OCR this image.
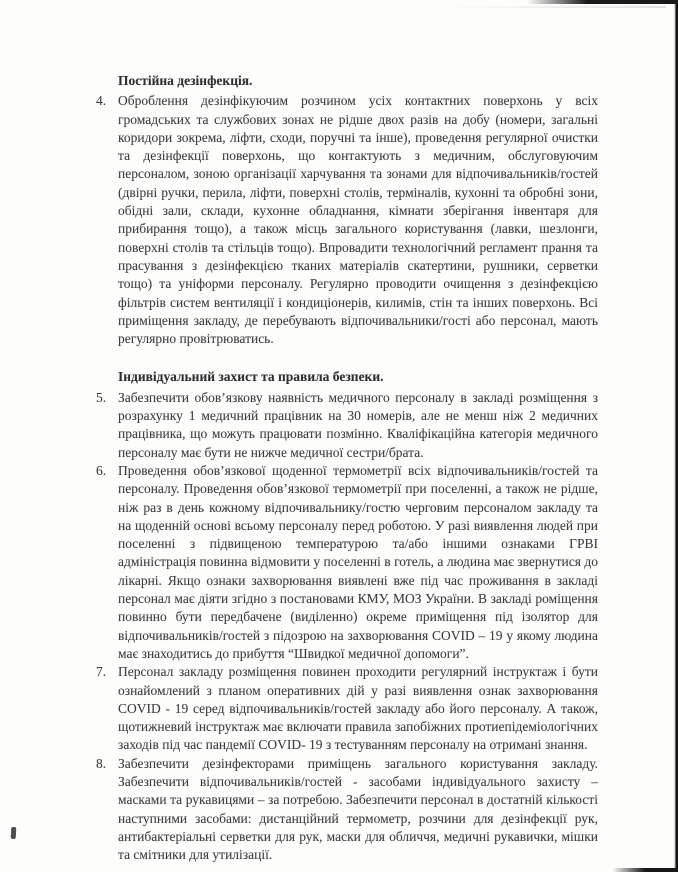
Постійна дезінфекція.
4. Оброблення дезінфікуючим розчином усіх контактних поверхонь у всіх громадських та службових зонах не рідше двох разів на добу (номери, загальні коридори зокрема, ліфти, сходи, поручні та інше), проведення регулярної очистки та дезінфекції поверхонь, що контактують з медичним, обслуговуючим персоналом, зоною організації харчування та зонами для відпочивальників/гостей (двірні ручки, перила, ліфти, поверхні столів, терміналів, кухонні та обробні зони, обідні зали, склади, кухонне обладнання, кімнати зберігання інвентаря для прибирання тощо), а також місць загального користування (лавки, шезлонги, поверхні столів та стільців тощо). Впровадити технологічний регламент прання та прасування з дезінфекцією тканих матеріалів скатертини, рушники, серветки тощо) та уніформи персоналу. Регулярно проводити очищення з дезінфекцією фільтрів систем вентиляції і кондиціонерів, килимів, стін та інших поверхонь. Всі приміщення закладу, де перебувають відпочивальники/гості або персонал, мають регулярно провітрюватись.
Індивідуальний захист та правила безпеки.
5. Забезпечити обов’язкову наявність медичного персоналу в закладі розміщення з розрахунку 1 медичний працівник на 30 номерів, але не менш ніж 2 медичних працівника, що можуть працювати позмінно. Кваліфікаційна категорія медичного персоналу має бути не нижче медичної сестри/брата.
6. Проведення обов’язкової щоденної термометрії всіх відпочивальників/гостей та персоналу. Проведення обов’язкової термометрії при поселенні, а також не рідше, ніж раз в день кожному відпочивальнику/гостю черговим персоналом закладу та на щоденній основі всьому персоналу перед роботою. У разі виявлення людей при поселенні з підвищеною температурою та/або іншими ознаками ГРВІ адміністрація повинна відмовити у поселенні в готель, а людина має звернутися до лікарні. Якщо ознаки захворювання виявлені вже під час проживання в закладі персонал має діяти згідно з постановами КМУ, МОЗ України. В закладі роміщення повинно бути передбачене (виділенно) окреме приміщення під ізолятор для відпочивальників/гостей з підозрою на захворювання COVID – 19 у якому людина має знаходитись до прибуття “Швидкої медичної допомоги”.
7. Персонал закладу розміщення повинен проходити регулярний інструктаж і бути ознайомлений з планом оперативних дій у разі виявлення ознак захворювання COVID - 19 серед відпочивальників/гостей закладу або його персоналу. А також, щотижневий інструктаж має включати правила запобіжних протиепідеміологічних заходів під час пандемії COVID- 19 з тестуванням персоналу на отримані знання.
8. Забезпечити дезінфекторами приміщень загального користування закладу. Забезпечити відпочивальників/гостей - засобами індивідуального захисту – масками та рукавицями – за потребою. Забезпечити персонал в достатній кількості наступними засобами: дистанційний термометр, розчини для дезінфекції рук, антибактеріальні серветки для рук, маски для обличчя, медичні рукавички, мішки та смітники для утилізації.
